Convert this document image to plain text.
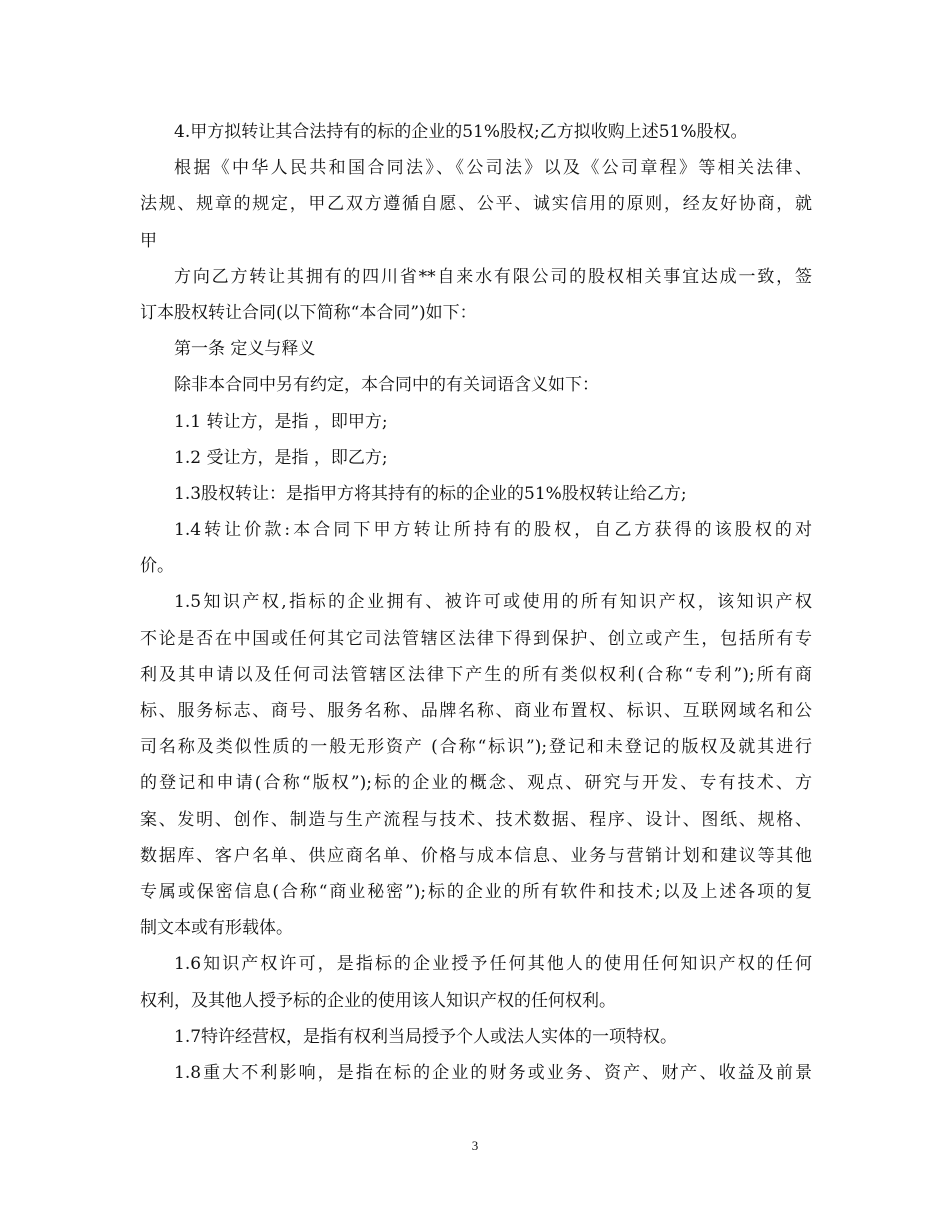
4.甲方拟转让其合法持有的标的企业的51%股权;乙方拟收购上述51%股权。
根据《中华人民共和国合同法》、《公司法》以及《公司章程》等相关法律、
法规、规章的规定，甲乙双方遵循自愿、公平、诚实信用的原则，经友好协商，就
甲
方向乙方转让其拥有的四川省**自来水有限公司的股权相关事宜达成一致，签
订本股权转让合同(以下简称“本合同”)如下：
第一条 定义与释义
除非本合同中另有约定，本合同中的有关词语含义如下：
1.1 转让方，是指 ，即甲方;
1.2 受让方，是指 ，即乙方;
1.3股权转让：是指甲方将其持有的标的企业的51%股权转让给乙方;
1.4转让价款:本合同下甲方转让所持有的股权，自乙方获得的该股权的对
价。
1.5知识产权,指标的企业拥有、被许可或使用的所有知识产权，该知识产权
不论是否在中国或任何其它司法管辖区法律下得到保护、创立或产生，包括所有专
利及其申请以及任何司法管辖区法律下产生的所有类似权利(合称“专利”);所有商
标、服务标志、商号、服务名称、品牌名称、商业布置权、标识、互联网域名和公
司名称及类似性质的一般无形资产 (合称“标识”);登记和未登记的版权及就其进行
的登记和申请(合称“版权”);标的企业的概念、观点、研究与开发、专有技术、方
案、发明、创作、制造与生产流程与技术、技术数据、程序、设计、图纸、规格、
数据库、客户名单、供应商名单、价格与成本信息、业务与营销计划和建议等其他
专属或保密信息(合称“商业秘密”);标的企业的所有软件和技术;以及上述各项的复
制文本或有形载体。
1.6知识产权许可，是指标的企业授予任何其他人的使用任何知识产权的任何
权利，及其他人授予标的企业的使用该人知识产权的任何权利。
1.7特许经营权，是指有权利当局授予个人或法人实体的一项特权。
1.8重大不利影响，是指在标的企业的财务或业务、资产、财产、收益及前景
3
